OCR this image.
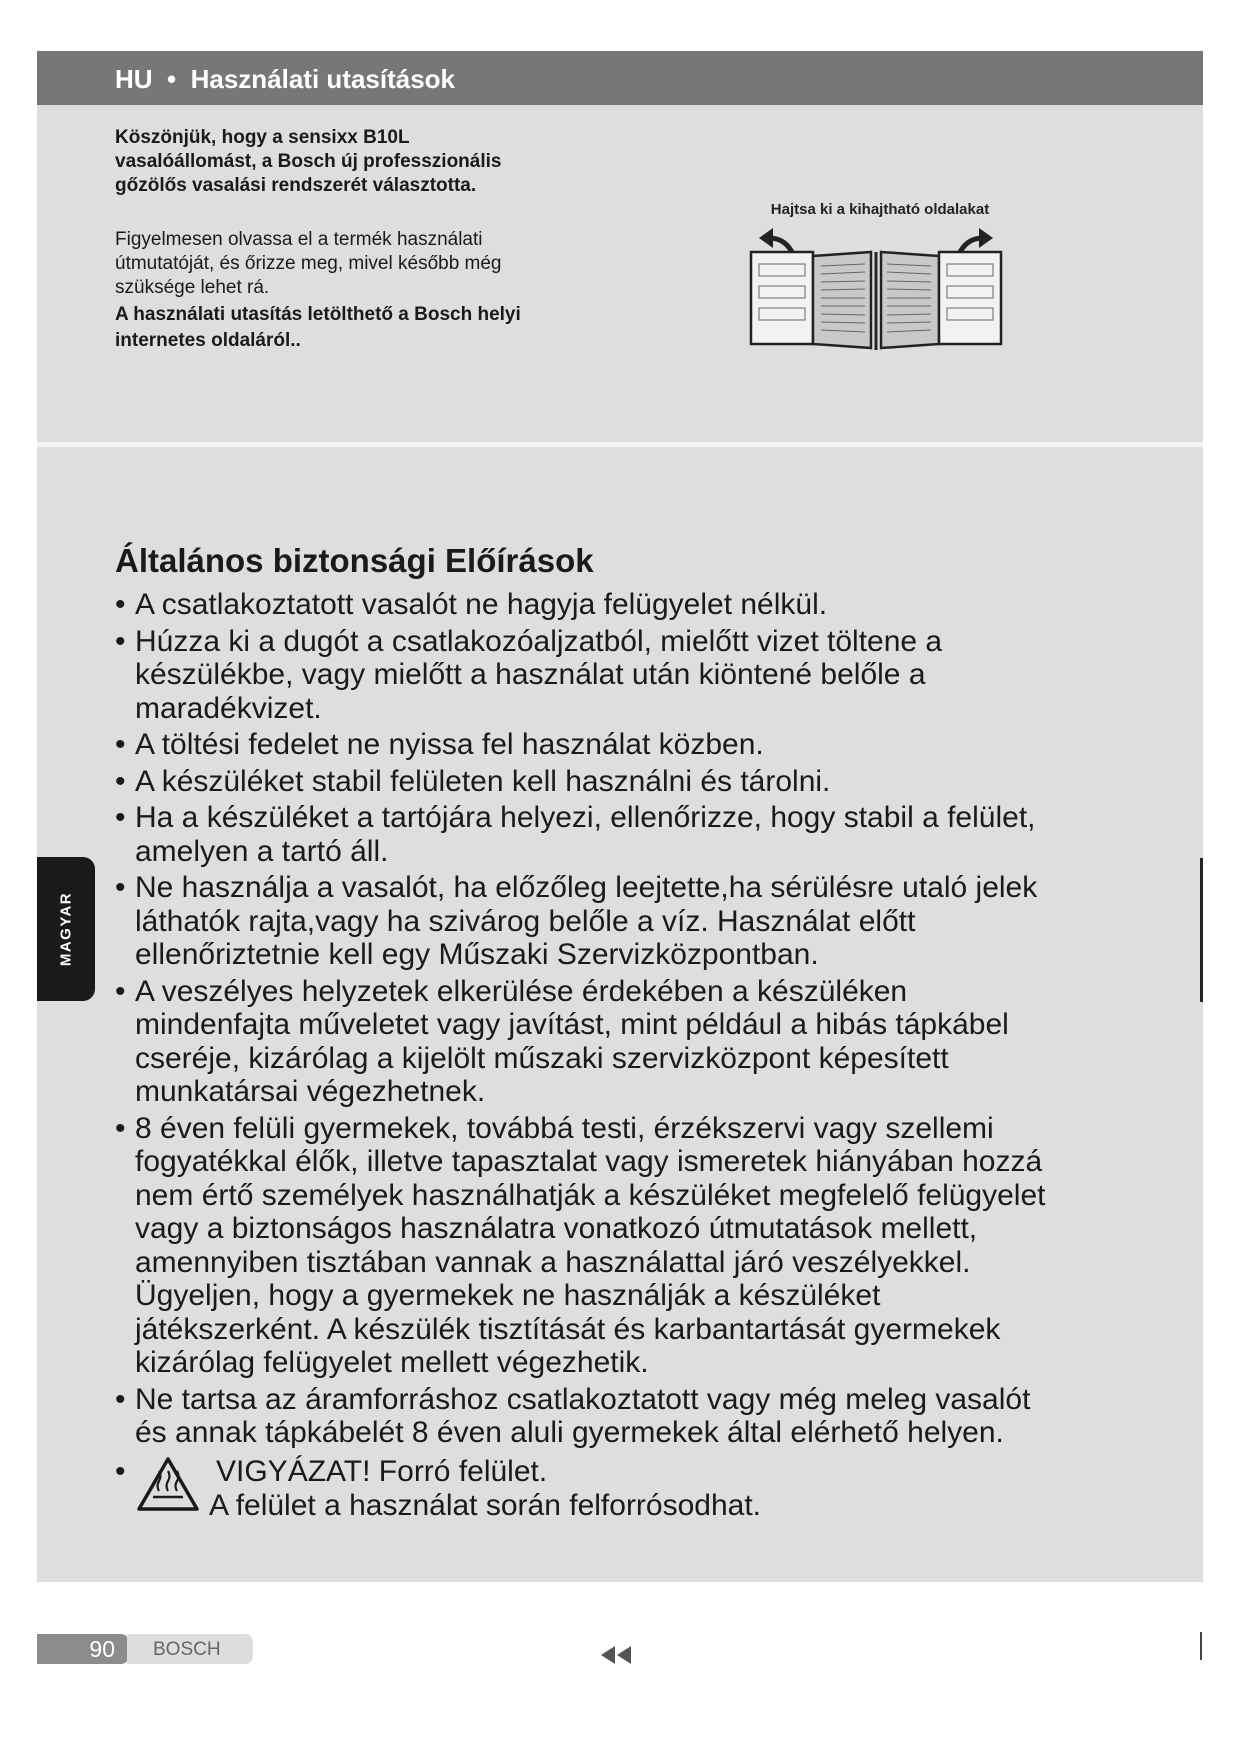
HU • Használati utasítások
Köszönjük, hogy a sensixx B10L
vasalóállomást, a Bosch új professzionális
gőzölős vasalási rendszerét választotta.
Figyelmesen olvassa el a termék használati
útmutatóját, és őrizze meg, mivel később még
szüksége lehet rá.
A használati utasítás letölthető a Bosch helyi
internetes oldaláról..
Hajtsa ki a kihajtható oldalakat
Általános biztonsági Előírások
• A csatlakoztatott vasalót ne hagyja felügyelet nélkül.
• Húzza ki a dugót a csatlakozóaljzatból, mielőtt vizet töltene a
készülékbe, vagy mielőtt a használat után kiöntené belőle a
maradékvizet.
• A töltési fedelet ne nyissa fel használat közben.
• A készüléket stabil felületen kell használni és tárolni.
• Ha a készüléket a tartójára helyezi, ellenőrizze, hogy stabil a felület,
amelyen a tartó áll.
• Ne használja a vasalót, ha előzőleg leejtette,ha sérülésre utaló jelek
láthatók rajta,vagy ha szivárog belőle a víz. Használat előtt
ellenőriztetnie kell egy Műszaki Szervizközpontban.
• A veszélyes helyzetek elkerülése érdekében a készüléken
mindenfajta műveletet vagy javítást, mint például a hibás tápkábel
cseréje, kizárólag a kijelölt műszaki szervizközpont képesített
munkatársai végezhetnek.
• 8 éven felüli gyermekek, továbbá testi, érzékszervi vagy szellemi
fogyatékkal élők, illetve tapasztalat vagy ismeretek hiányában hozzá
nem értő személyek használhatják a készüléket megfelelő felügyelet
vagy a biztonságos használatra vonatkozó útmutatások mellett,
amennyiben tisztában vannak a használattal járó veszélyekkel.
Ügyeljen, hogy a gyermekek ne használják a készüléket
játékszerként. A készülék tisztítását és karbantartását gyermekek
kizárólag felügyelet mellett végezhetik.
• Ne tartsa az áramforráshoz csatlakoztatott vagy még meleg vasalót
és annak tápkábelét 8 éven aluli gyermekek által elérhető helyen.
•	VIGYÁZAT! Forró felület.
A felület a használat során felforrósodhat.
MAGYAR
90 BOSCH
